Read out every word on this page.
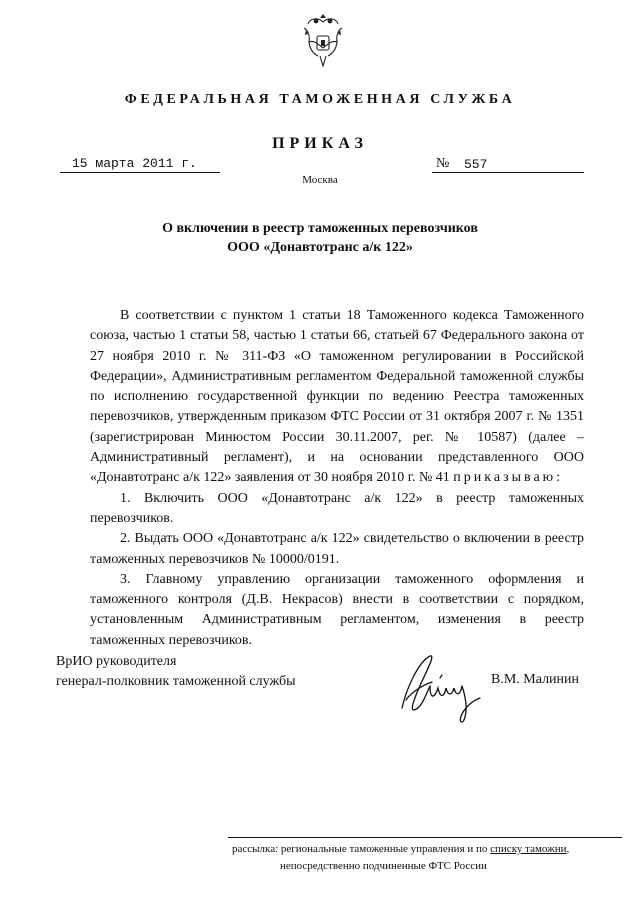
ФЕДЕРАЛЬНАЯ ТАМОЖЕННАЯ СЛУЖБА
ПРИКАЗ
15 марта 2011 г.	№ 557
Москва
О включении в реестр таможенных перевозчиков
ООО «Донавтотранс а/к 122»

В соответствии с пунктом 1 статьи 18 Таможенного кодекса Таможенного союза, частью 1 статьи 58, частью 1 статьи 66, статьей 67 Федерального закона от 27 ноября 2010 г. № 311-ФЗ «О таможенном регулировании в Российской Федерации», Административным регламентом Федеральной таможенной службы по исполнению государственной функции по ведению Реестра таможенных перевозчиков, утвержденным приказом ФТС России от 31 октября 2007 г. № 1351 (зарегистрирован Минюстом России 30.11.2007, рег. № 10587) (далее – Административный регламент), и на основании представленного ООО «Донавтотранс а/к 122» заявления от 30 ноября 2010 г. № 41 приказываю:

1. Включить ООО «Донавтотранс а/к 122» в реестр таможенных перевозчиков.

2. Выдать ООО «Донавтотранс а/к 122» свидетельство о включении в реестр таможенных перевозчиков № 10000/0191.

3. Главному управлению организации таможенного оформления и таможенного контроля (Д.В. Некрасов) внести в соответствии с порядком, установленным Административным регламентом, изменения в реестр таможенных перевозчиков.

ВрИО руководителя
генерал-полковник таможенной службы	В.М. Малинин
рассылка: региональные таможенные управления и по списку таможни,
непосредственно подчиненные ФТС России
